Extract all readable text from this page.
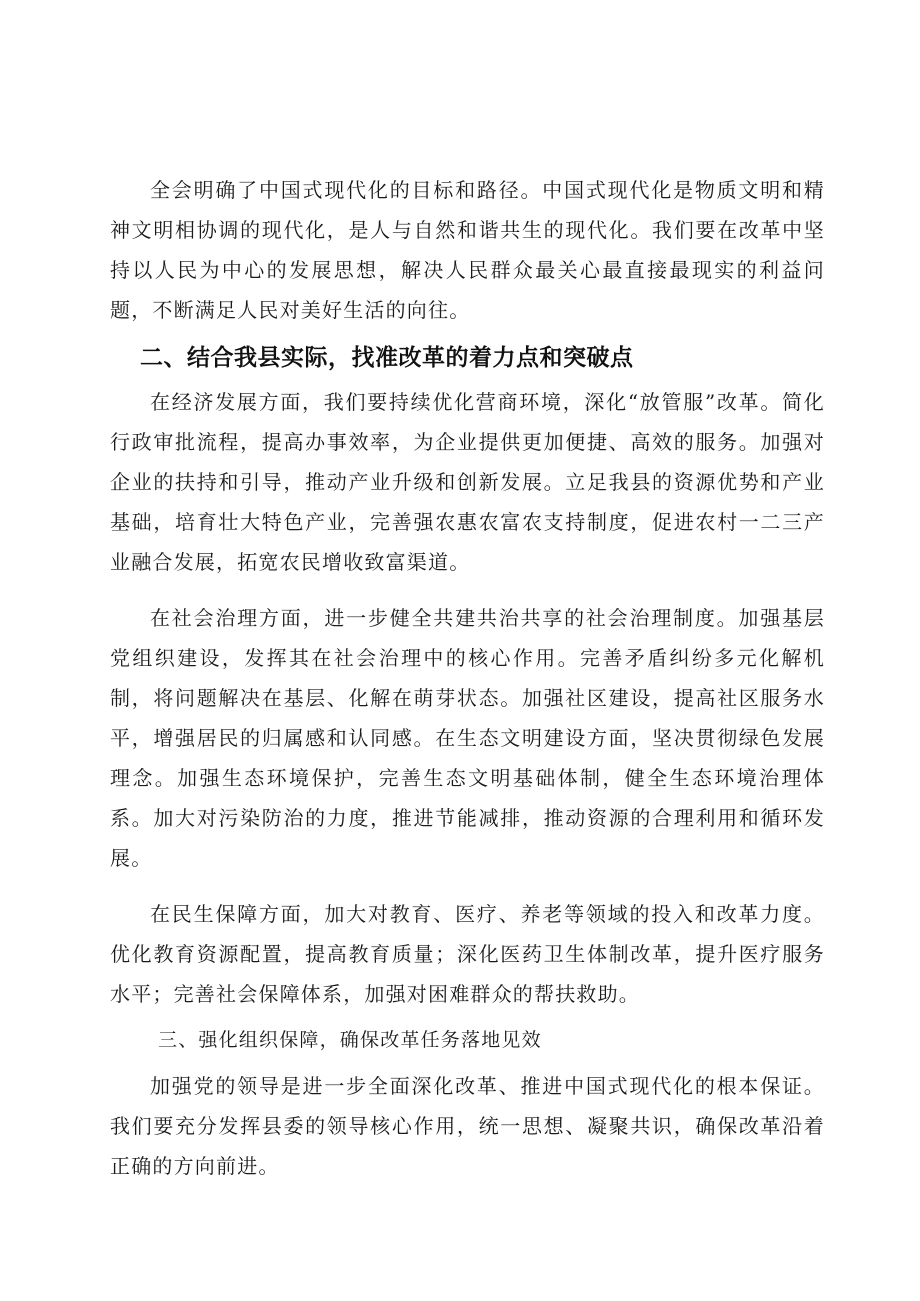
全会明确了中国式现代化的目标和路径。中国式现代化是物质文明和精神文明相协调的现代化，是人与自然和谐共生的现代化。我们要在改革中坚持以人民为中心的发展思想，解决人民群众最关心最直接最现实的利益问题，不断满足人民对美好生活的向往。

二、结合我县实际，找准改革的着力点和突破点

在经济发展方面，我们要持续优化营商环境，深化“放管服”改革。简化行政审批流程，提高办事效率，为企业提供更加便捷、高效的服务。加强对企业的扶持和引导，推动产业升级和创新发展。立足我县的资源优势和产业基础，培育壮大特色产业，完善强农惠农富农支持制度，促进农村一二三产业融合发展，拓宽农民增收致富渠道。

在社会治理方面，进一步健全共建共治共享的社会治理制度。加强基层党组织建设，发挥其在社会治理中的核心作用。完善矛盾纠纷多元化解机制，将问题解决在基层、化解在萌芽状态。加强社区建设，提高社区服务水平，增强居民的归属感和认同感。在生态文明建设方面，坚决贯彻绿色发展理念。加强生态环境保护，完善生态文明基础体制，健全生态环境治理体系。加大对污染防治的力度，推进节能减排，推动资源的合理利用和循环发展。

在民生保障方面，加大对教育、医疗、养老等领域的投入和改革力度。优化教育资源配置，提高教育质量；深化医药卫生体制改革，提升医疗服务水平；完善社会保障体系，加强对困难群众的帮扶救助。

三、强化组织保障，确保改革任务落地见效

加强党的领导是进一步全面深化改革、推进中国式现代化的根本保证。我们要充分发挥县委的领导核心作用，统一思想、凝聚共识，确保改革沿着正确的方向前进。
